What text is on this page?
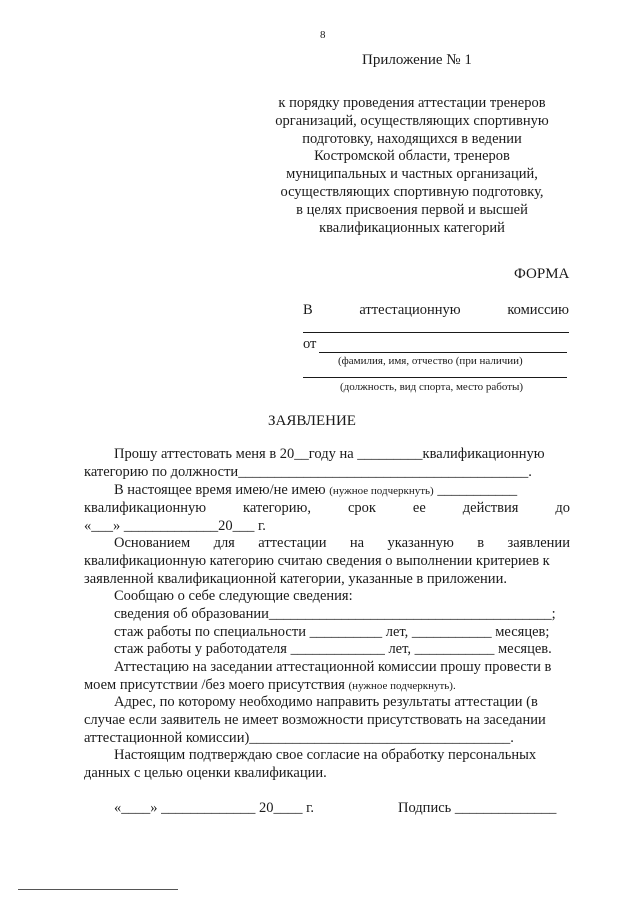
8
Приложение № 1
к порядку проведения аттестации тренеров
организаций, осуществляющих спортивную
подготовку, находящихся в ведении
Костромской области, тренеров
муниципальных и частных организаций,
осуществляющих спортивную подготовку,
в целях присвоения первой и высшей
квалификационных категорий
ФОРМА
В	аттестационную	комиссию
от
(фамилия, имя, отчество (при наличии)
(должность, вид спорта, место работы)
ЗАЯВЛЕНИЕ
Прошу аттестовать меня в 20__году на _________квалификационную
категорию по должности________________________________________.
В настоящее время имею/не имею (нужное подчеркнуть) ___________
квалификационную	категорию,	срок	ее	действия	до
«___» _____________20___ г.
Основанием для аттестации на указанную в заявлении
квалификационную категорию считаю сведения о выполнении критериев к
заявленной квалификационной категории, указанные в приложении.
Сообщаю о себе следующие сведения:
сведения об образовании_______________________________________;
стаж работы по специальности __________ лет, ___________ месяцев;
стаж работы у работодателя _____________ лет, ___________ месяцев.
Аттестацию на заседании аттестационной комиссии прошу провести в
моем присутствии /без моего присутствия (нужное подчеркнуть).
Адрес, по которому необходимо направить результаты аттестации (в
случае если заявитель не имеет возможности присутствовать на заседании
аттестационной комиссии)____________________________________.
Настоящим подтверждаю свое согласие на обработку персональных
данных с целью оценки квалификации.
«____» _____________ 20____ г.	Подпись ______________
